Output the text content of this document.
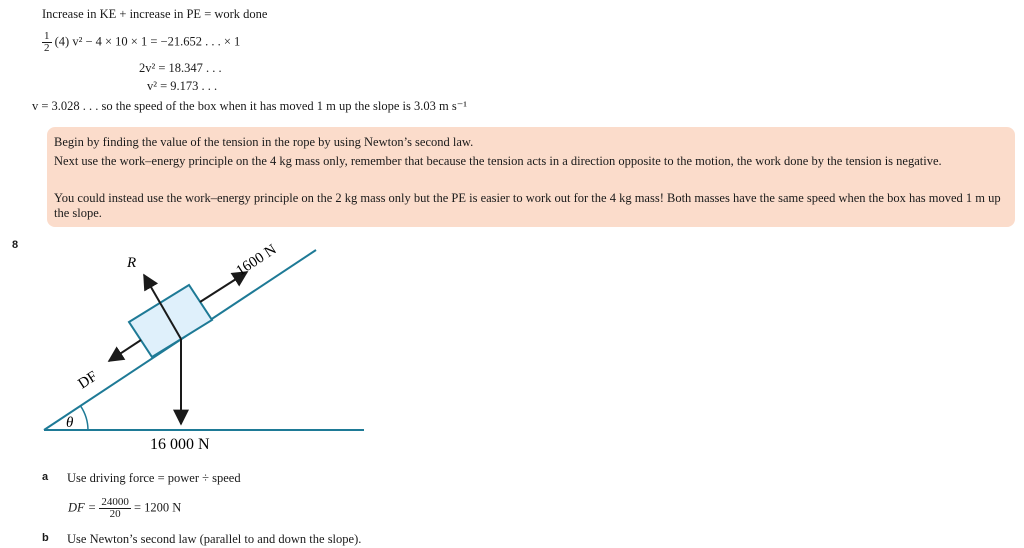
Increase in KE + increase in PE = work done
$\frac{1}{2} (4) v^2 - 4 \times 10 \times 1 = -21.652$ . . . × 1
2v² = 18.347 . . .
v² = 9.173 . . .
v = 3.028 . . . so the speed of the box when it has moved 1 m up the slope is 3.03 m s⁻¹
Begin by finding the value of the tension in the rope by using Newton’s second law.
Next use the work–energy principle on the 4 kg mass only, remember that because the tension acts in a direction opposite to the motion, the work done by the tension is negative.
You could instead use the work–energy principle on the 2 kg mass only but the PE is easier to work out for the 4 kg mass! Both masses have the same speed when the box has moved 1 m up the slope.
8
R	1600 N
DF
θ
16 000 N
a Use driving force = power ÷ speed
DF = $\frac{24000}{20} = 1200$ N
b Use Newton’s second law (parallel to and down the slope).
